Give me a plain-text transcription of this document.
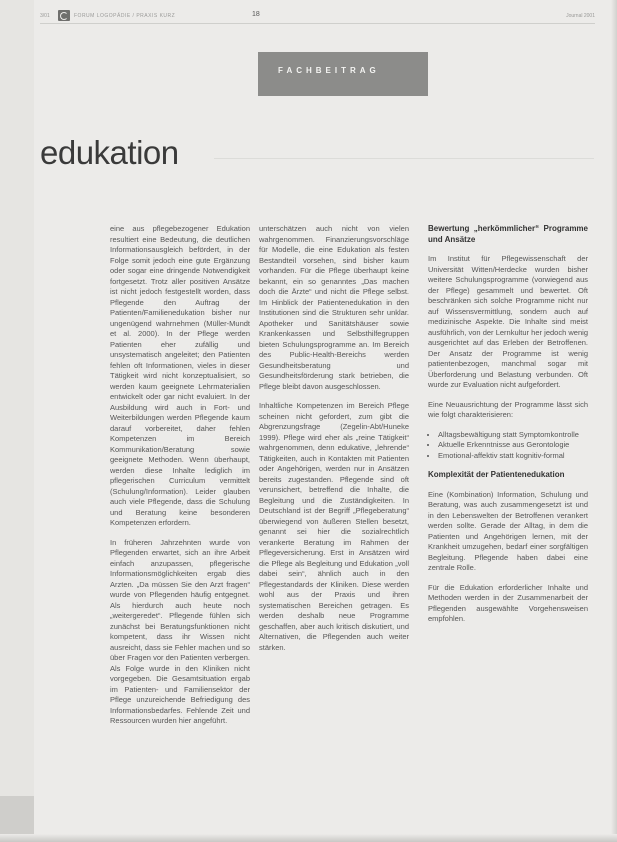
3/01	FORUM LOGOPÄDIE / PRAXIS KURZ	18	Journal 2001
FACHBEITRAG
edukation

eine aus pflegebezogener Edukation resultiert eine Bedeutung, die deutlichen Informationsausgleich befördert, in der Folge somit jedoch eine gute Ergänzung oder sogar eine dringende Notwendigkeit fortgesetzt. Trotz aller positiven Ansätze ist nicht jedoch festgestellt worden, dass Pflegende den Auftrag der Patienten/Familienedukation bisher nur ungenügend wahrnehmen (Müller-Mundt et al. 2000). In der Pflege werden Patienten eher zufällig und unsystematisch angeleitet; den Patienten fehlen oft Informationen, vieles in dieser Tätigkeit wird nicht konzeptualisiert, so werden kaum geeignete Lehrmaterialien entwickelt oder gar nicht evaluiert. In der Ausbildung wird auch in Fort- und Weiterbildungen werden Pflegende kaum darauf vorbereitet, daher fehlen Kompetenzen im Bereich Kommunikation/Beratung sowie geeignete Methoden. Wenn überhaupt, werden diese Inhalte lediglich im pflegerischen Curriculum vermittelt (Schulung/Information). Leider glauben auch viele Pflegende, dass die Schulung und Beratung keine besonderen Kompetenzen erfordern.

In früheren Jahrzehnten wurde von Pflegenden erwartet, sich an ihre Arbeit einfach anzupassen, pflegerische Informationsmöglichkeiten ergab dies Arzten. „Da müssen Sie den Arzt fragen“ wurde von Pflegenden häufig entgegnet. Als hierdurch auch heute noch „weitergeredet“. Pflegende fühlen sich zunächst bei Beratungsfunktionen nicht kompetent, dass ihr Wissen nicht ausreicht, dass sie Fehler machen und so über Fragen vor den Patienten verbergen. Als Folge wurde in den Kliniken nicht vorgegeben. Die Gesamtsituation ergab im Patienten- und Familiensektor der Pflege unzureichende Befriedigung des Informationsbedarfes. Fehlende Zeit und Ressourcen wurden hier angeführt.

unterschätzen auch nicht von vielen wahrgenommen. Finanzierungsvorschläge für Modelle, die eine Edukation als festen Bestandteil vorsehen, sind bisher kaum vorhanden. Für die Pflege überhaupt keine bekannt, ein so genanntes „Das machen doch die Ärzte“ und nicht die Pflege selbst. Im Hinblick der Patientenedukation in den Institutionen sind die Strukturen sehr unklar. Apotheker und Sanitätshäuser sowie Krankenkassen und Selbsthilfegruppen bieten Schulungsprogramme an. Im Bereich des Public-Health-Bereichs werden Gesundheitsberatung und Gesundheitsförderung stark betrieben, die Pflege bleibt davon ausgeschlossen.

Inhaltliche Kompetenzen im Bereich Pflege scheinen nicht gefordert, zum gibt die Abgrenzungsfrage (Zegelin-Abt/Huneke 1999). Pflege wird eher als „reine Tätigkeit“ wahrgenommen, denn edukative, „lehrende“ Tätigkeiten, auch in Kontakten mit Patienten oder Angehörigen, werden nur in Ansätzen bereits zugestanden. Pflegende sind oft verunsichert, betreffend die Inhalte, die Begleitung und die Zuständigkeiten. In Deutschland ist der Begriff „Pflegeberatung“ überwiegend von äußeren Stellen besetzt, genannt sei hier die sozialrechtlich verankerte Beratung im Rahmen der Pflegeversicherung. Erst in Ansätzen wird die Pflege als Begleitung und Edukation „voll dabei sein“, ähnlich auch in den Pflegestandards der Kliniken. Diese werden wohl aus der Praxis und ihren systematischen Bereichen getragen. Es werden deshalb neue Programme geschaffen, aber auch kritisch diskutiert, und Alternativen, die Pflegenden auch weiter stärken.

Bewertung „herkömmlicher“ Programme und Ansätze

Im Institut für Pflegewissenschaft der Universität Witten/Herdecke wurden bisher weitere Schulungsprogramme (vorwiegend aus der Pflege) gesammelt und bewertet. Oft beschränken sich solche Programme nicht nur auf Wissensvermittlung, sondern auch auf medizinische Aspekte. Die Inhalte sind meist ausführlich, von der Lernkultur her jedoch wenig ausgerichtet auf das Erleben der Betroffenen. Der Ansatz der Programme ist wenig patientenbezogen, manchmal sogar mit Überforderung und Belastung verbunden. Oft wurde zur Evaluation nicht aufgefordert.

Eine Neuausrichtung der Programme lässt sich wie folgt charakterisieren:

• Alltagsbewältigung statt Symptomkontrolle
• Aktuelle Erkenntnisse aus Gerontologie
• Emotional-affektiv statt kognitiv-formal

Komplexität der Patientenedukation

Eine (Kombination) Information, Schulung und Beratung, was auch zusammengesetzt ist und in den Lebenswelten der Betroffenen verankert werden sollte. Gerade der Alltag, in dem die Patienten und Angehörigen lernen, mit der Krankheit umzugehen, bedarf einer sorgfältigen Begleitung. Pflegende haben dabei eine zentrale Rolle.

Für die Edukation erforderlicher Inhalte und Methoden werden in der Zusammenarbeit der Pflegenden ausgewählte Vorgehensweisen empfohlen.
